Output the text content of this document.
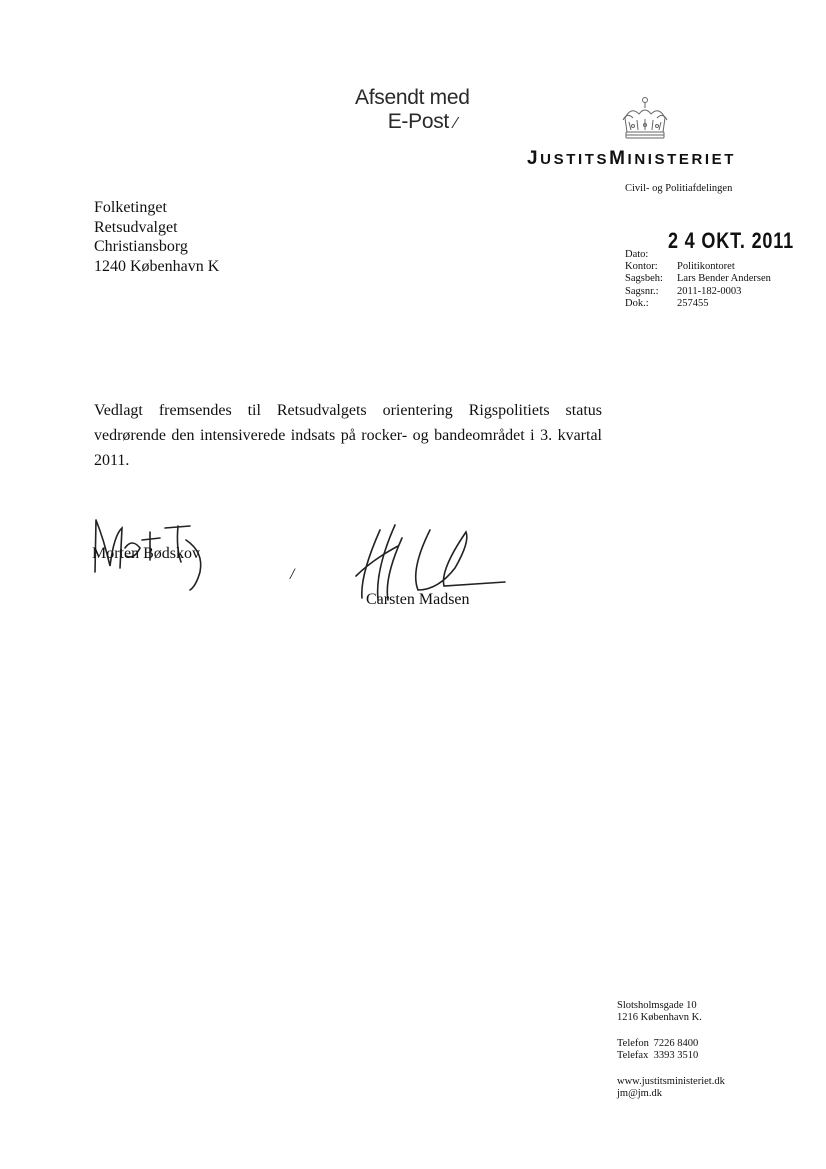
Afsendt med
E-Post ⁄
JUSTITSMINISTERIET
Civil- og Politiafdelingen
Folketinget
Retsudvalget
Christiansborg
1240 København K
2 4 OKT. 2011
Dato:	
Kontor:	Politikontoret
Sagsbeh:	Lars Bender Andersen
Sagsnr.:	2011-182-0003
Dok.:	257455
Vedlagt fremsendes til Retsudvalgets orientering Rigspolitiets status vedrørende den intensiverede indsats på rocker- og bandeområdet i 3. kvartal 2011.
Morten Bødskov
/
Carsten Madsen
Slotsholmsgade 10
1216 København K.
Telefon 7226 8400
Telefax 3393 3510
www.justitsministeriet.dk
jm@jm.dk
